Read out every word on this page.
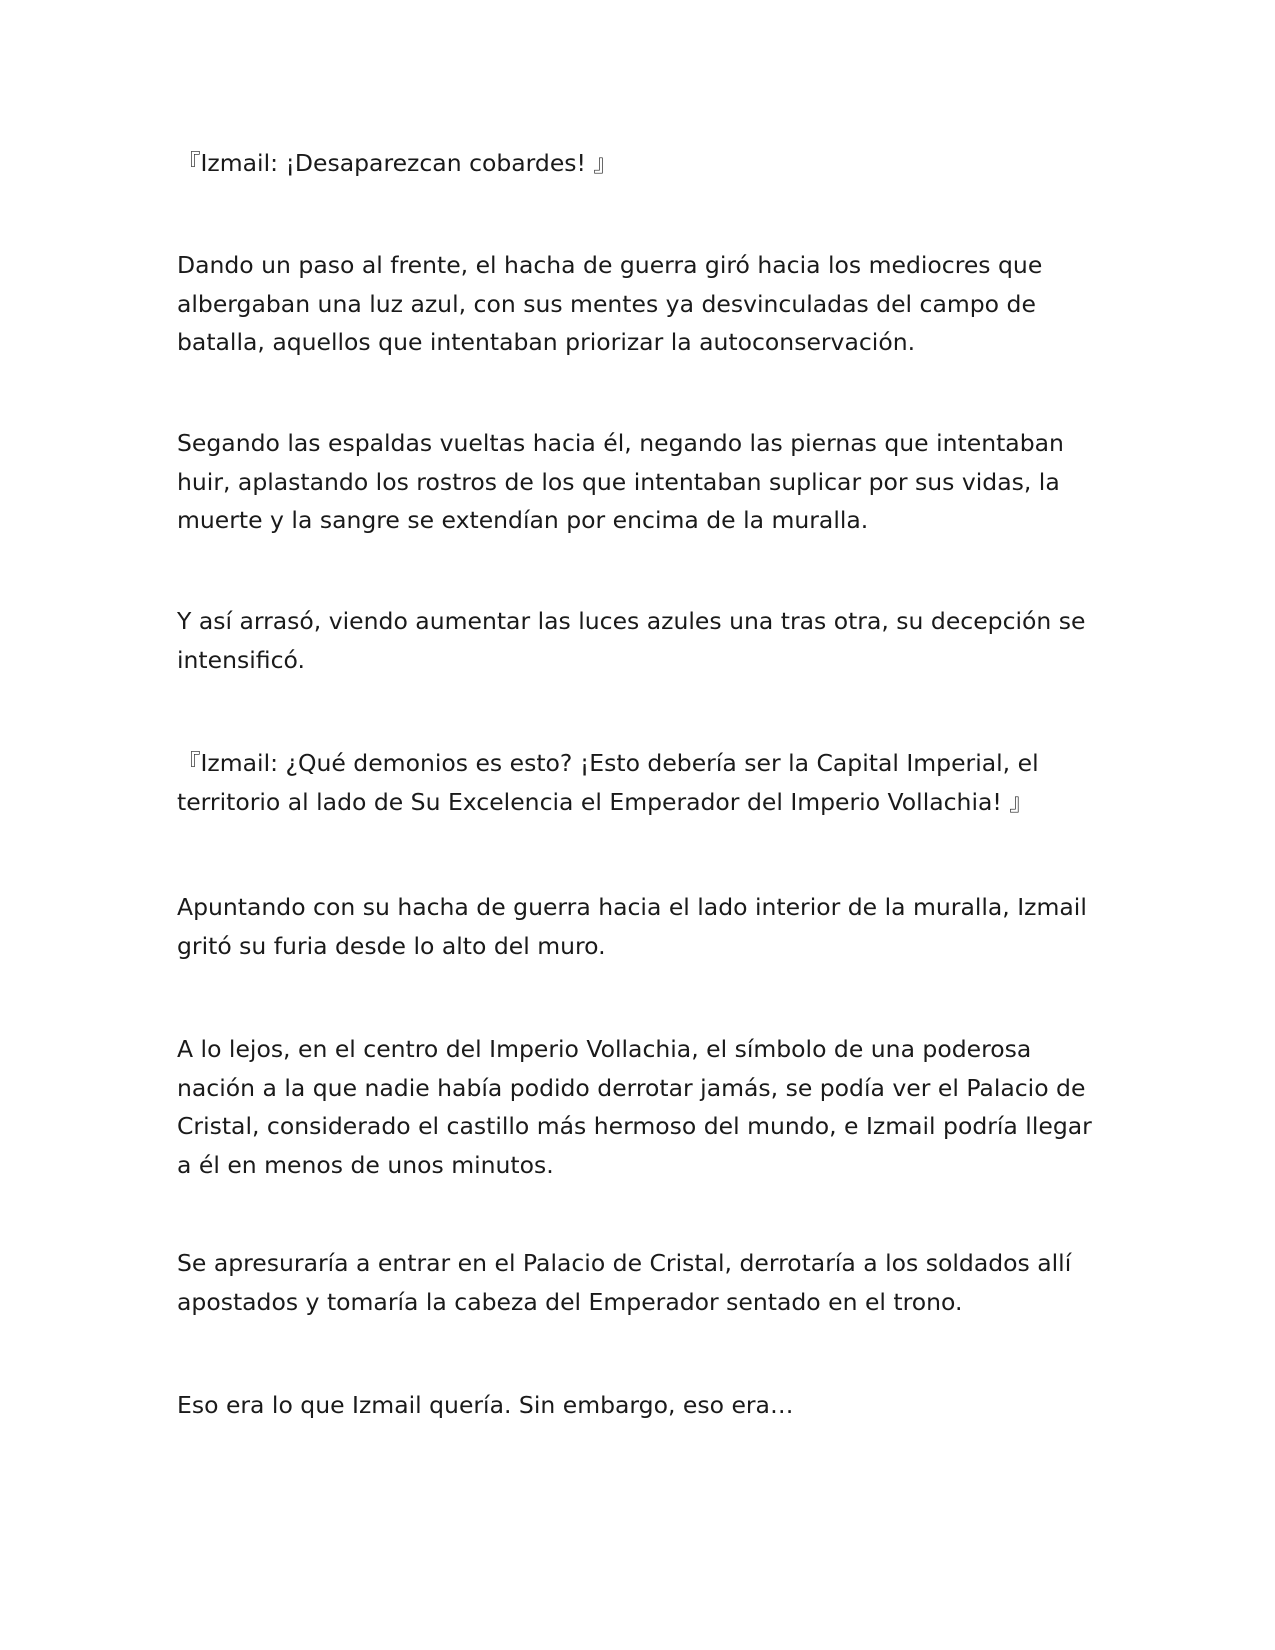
『Izmail: ¡Desaparezcan cobardes! 』

Dando un paso al frente, el hacha de guerra giró hacia los mediocres que
albergaban una luz azul, con sus mentes ya desvinculadas del campo de
batalla, aquellos que intentaban priorizar la autoconservación.

Segando las espaldas vueltas hacia él, negando las piernas que intentaban
huir, aplastando los rostros de los que intentaban suplicar por sus vidas, la
muerte y la sangre se extendían por encima de la muralla.

Y así arrasó, viendo aumentar las luces azules una tras otra, su decepción se
intensificó.

『Izmail: ¿Qué demonios es esto? ¡Esto debería ser la Capital Imperial, el
territorio al lado de Su Excelencia el Emperador del Imperio Vollachia! 』

Apuntando con su hacha de guerra hacia el lado interior de la muralla, Izmail
gritó su furia desde lo alto del muro.

A lo lejos, en el centro del Imperio Vollachia, el símbolo de una poderosa
nación a la que nadie había podido derrotar jamás, se podía ver el Palacio de
Cristal, considerado el castillo más hermoso del mundo, e Izmail podría llegar
a él en menos de unos minutos.

Se apresuraría a entrar en el Palacio de Cristal, derrotaría a los soldados allí
apostados y tomaría la cabeza del Emperador sentado en el trono.

Eso era lo que Izmail quería. Sin embargo, eso era…
